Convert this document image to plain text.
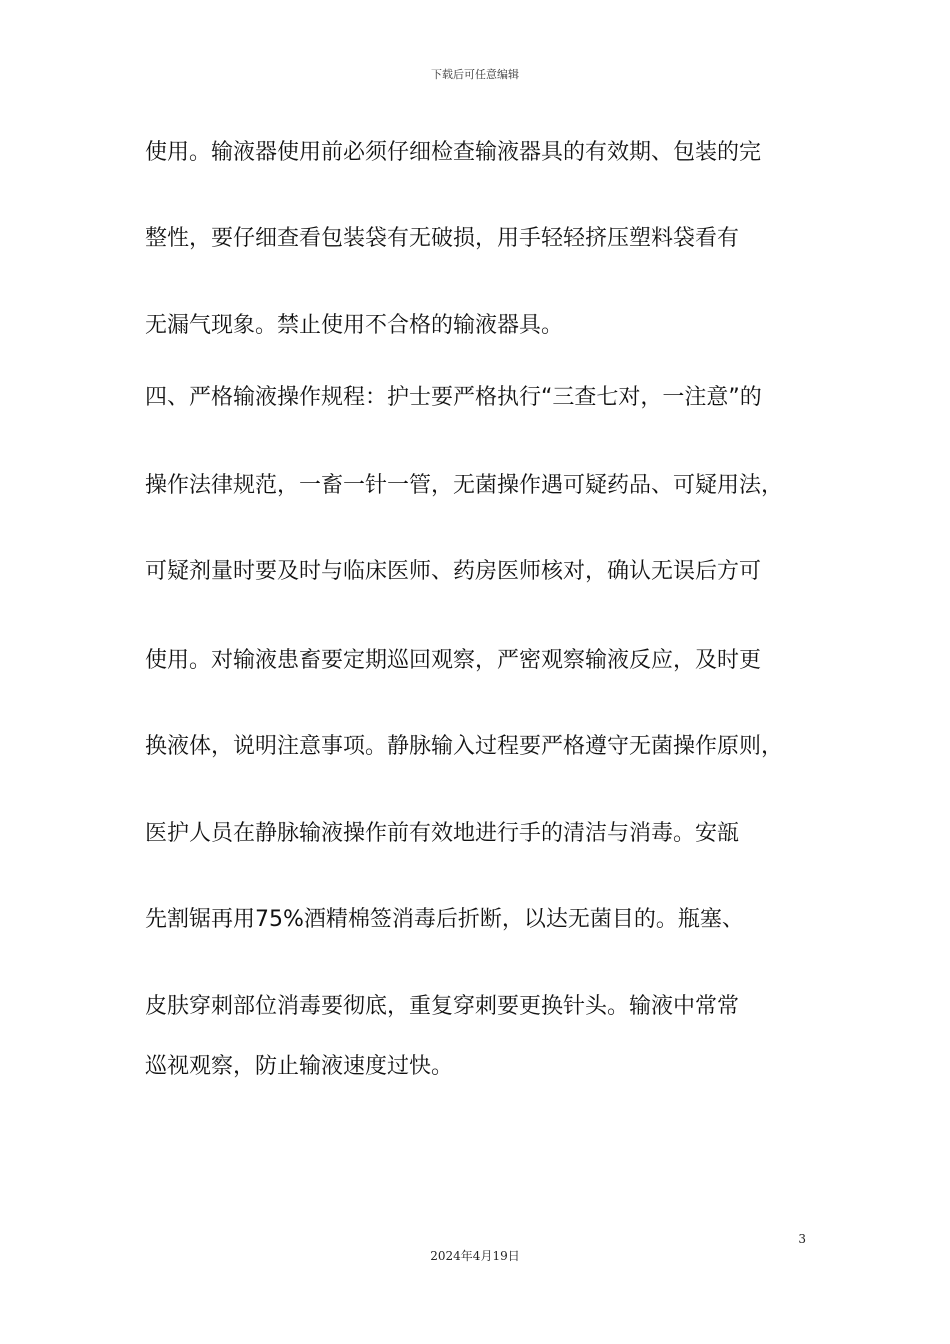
下载后可任意编辑
使用。输液器使用前必须仔细检查输液器具的有效期、包装的完
整性，要仔细查看包装袋有无破损，用手轻轻挤压塑料袋看有
无漏气现象。禁止使用不合格的输液器具。
四、严格输液操作规程：护士要严格执行“三查七对，一注意”的
操作法律规范，一畜一针一管，无菌操作遇可疑药品、可疑用法，
可疑剂量时要及时与临床医师、药房医师核对，确认无误后方可
使用。对输液患畜要定期巡回观察，严密观察输液反应，及时更
换液体，说明注意事项。静脉输入过程要严格遵守无菌操作原则，
医护人员在静脉输液操作前有效地进行手的清洁与消毒。安瓿
先割锯再用75%酒精棉签消毒后折断，以达无菌目的。瓶塞、
皮肤穿刺部位消毒要彻底，重复穿刺要更换针头。输液中常常
巡视观察，防止输液速度过快。
3
2024年4月19日
